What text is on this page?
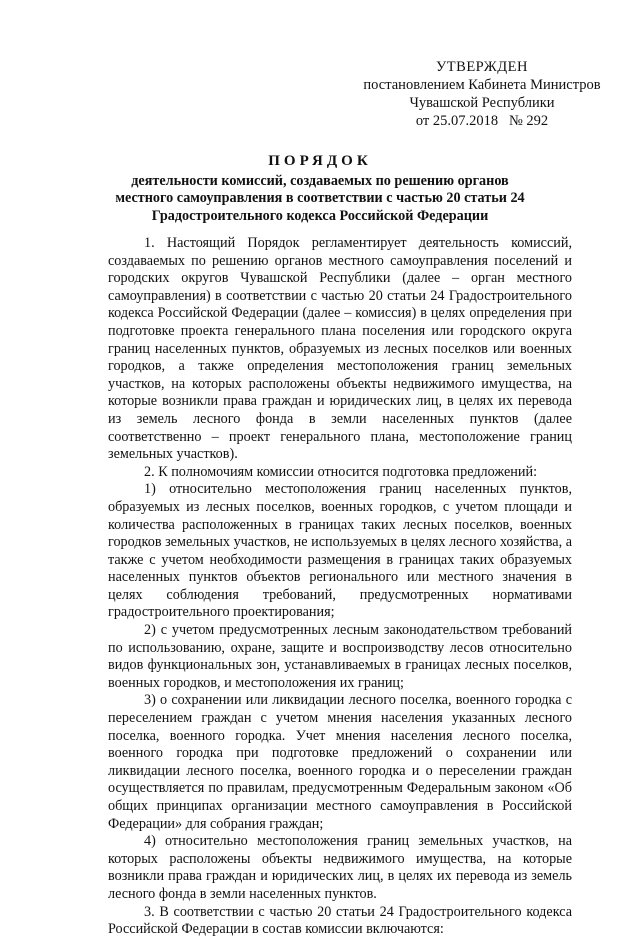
УТВЕРЖДЕН
постановлением Кабинета Министров
Чувашской Республики
от 25.07.2018   № 292
ПОРЯДОК
деятельности комиссий, создаваемых по решению органов
местного самоуправления в соответствии с частью 20 статьи 24
Градостроительного кодекса Российской Федерации

1. Настоящий Порядок регламентирует деятельность комиссий, создаваемых по решению органов местного самоуправления поселений и городских округов Чувашской Республики (далее – орган местного самоуправления) в соответствии с частью 20 статьи 24 Градостроительного кодекса Российской Федерации (далее – комиссия) в целях определения при подготовке проекта генерального плана поселения или городского округа границ населенных пунктов, образуемых из лесных поселков или военных городков, а также определения местоположения границ земельных участков, на которых расположены объекты недвижимого имущества, на которые возникли права граждан и юридических лиц, в целях их перевода из земель лесного фонда в земли населенных пунктов (далее соответственно – проект генерального плана, местоположение границ земельных участков).

2. К полномочиям комиссии относится подготовка предложений:

1) относительно местоположения границ населенных пунктов, образуемых из лесных поселков, военных городков, с учетом площади и количества расположенных в границах таких лесных поселков, военных городков земельных участков, не используемых в целях лесного хозяйства, а также с учетом необходимости размещения в границах таких образуемых населенных пунктов объектов регионального или местного значения в целях соблюдения требований, предусмотренных нормативами градостроительного проектирования;

2) с учетом предусмотренных лесным законодательством требований по использованию, охране, защите и воспроизводству лесов относительно видов функциональных зон, устанавливаемых в границах лесных поселков, военных городков, и местоположения их границ;

3) о сохранении или ликвидации лесного поселка, военного городка с переселением граждан с учетом мнения населения указанных лесного поселка, военного городка. Учет мнения населения лесного поселка, военного городка при подготовке предложений о сохранении или ликвидации лесного поселка, военного городка и о переселении граждан осуществляется по правилам, предусмотренным Федеральным законом «Об общих принципах организации местного самоуправления в Российской Федерации» для собрания граждан;

4) относительно местоположения границ земельных участков, на которых расположены объекты недвижимого имущества, на которые возникли права граждан и юридических лиц, в целях их перевода из земель лесного фонда в земли населенных пунктов.

3. В соответствии с частью 20 статьи 24 Градостроительного кодекса Российской Федерации в состав комиссии включаются:
